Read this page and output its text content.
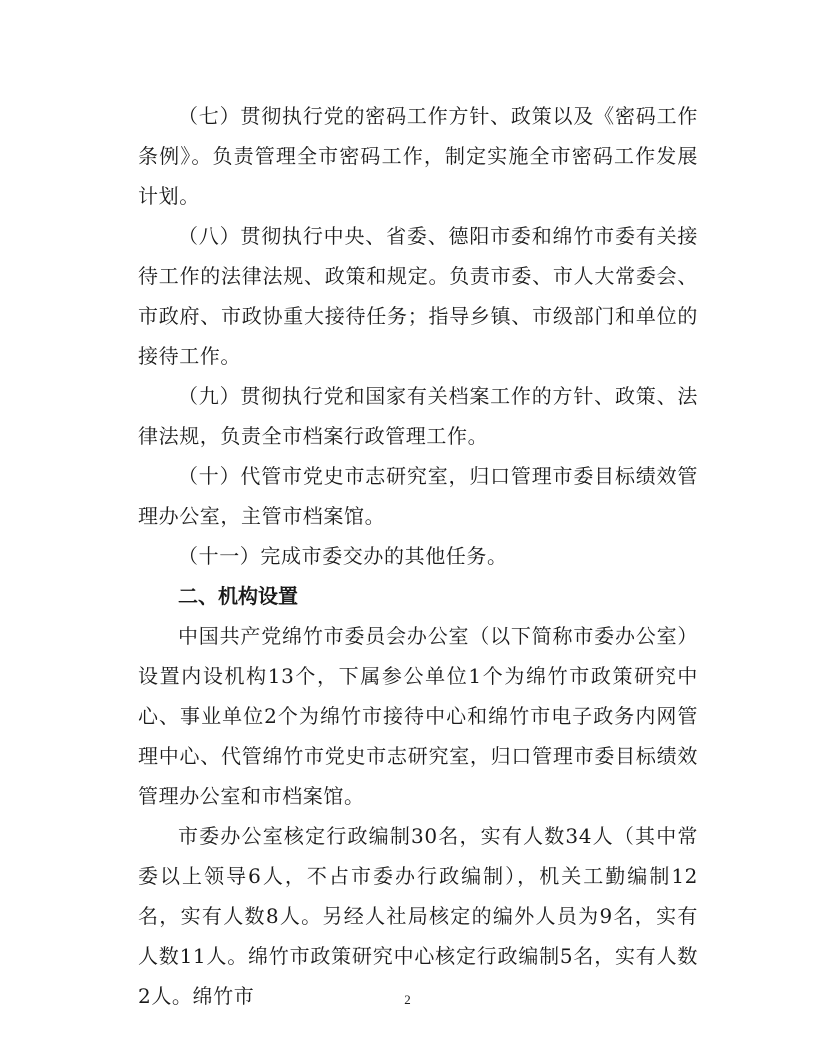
（七）贯彻执行党的密码工作方针、政策以及《密码工作条例》。负责管理全市密码工作，制定实施全市密码工作发展计划。

（八）贯彻执行中央、省委、德阳市委和绵竹市委有关接待工作的法律法规、政策和规定。负责市委、市人大常委会、市政府、市政协重大接待任务；指导乡镇、市级部门和单位的接待工作。

（九）贯彻执行党和国家有关档案工作的方针、政策、法律法规，负责全市档案行政管理工作。

（十）代管市党史市志研究室，归口管理市委目标绩效管理办公室，主管市档案馆。

（十一）完成市委交办的其他任务。

二、机构设置

中国共产党绵竹市委员会办公室（以下简称市委办公室）设置内设机构13个，下属参公单位1个为绵竹市政策研究中心、事业单位2个为绵竹市接待中心和绵竹市电子政务内网管理中心、代管绵竹市党史市志研究室，归口管理市委目标绩效管理办公室和市档案馆。

市委办公室核定行政编制30名，实有人数34人（其中常委以上领导6人，不占市委办行政编制），机关工勤编制12名，实有人数8人。另经人社局核定的编外人员为9名，实有人数11人。绵竹市政策研究中心核定行政编制5名，实有人数2人。绵竹市	2
